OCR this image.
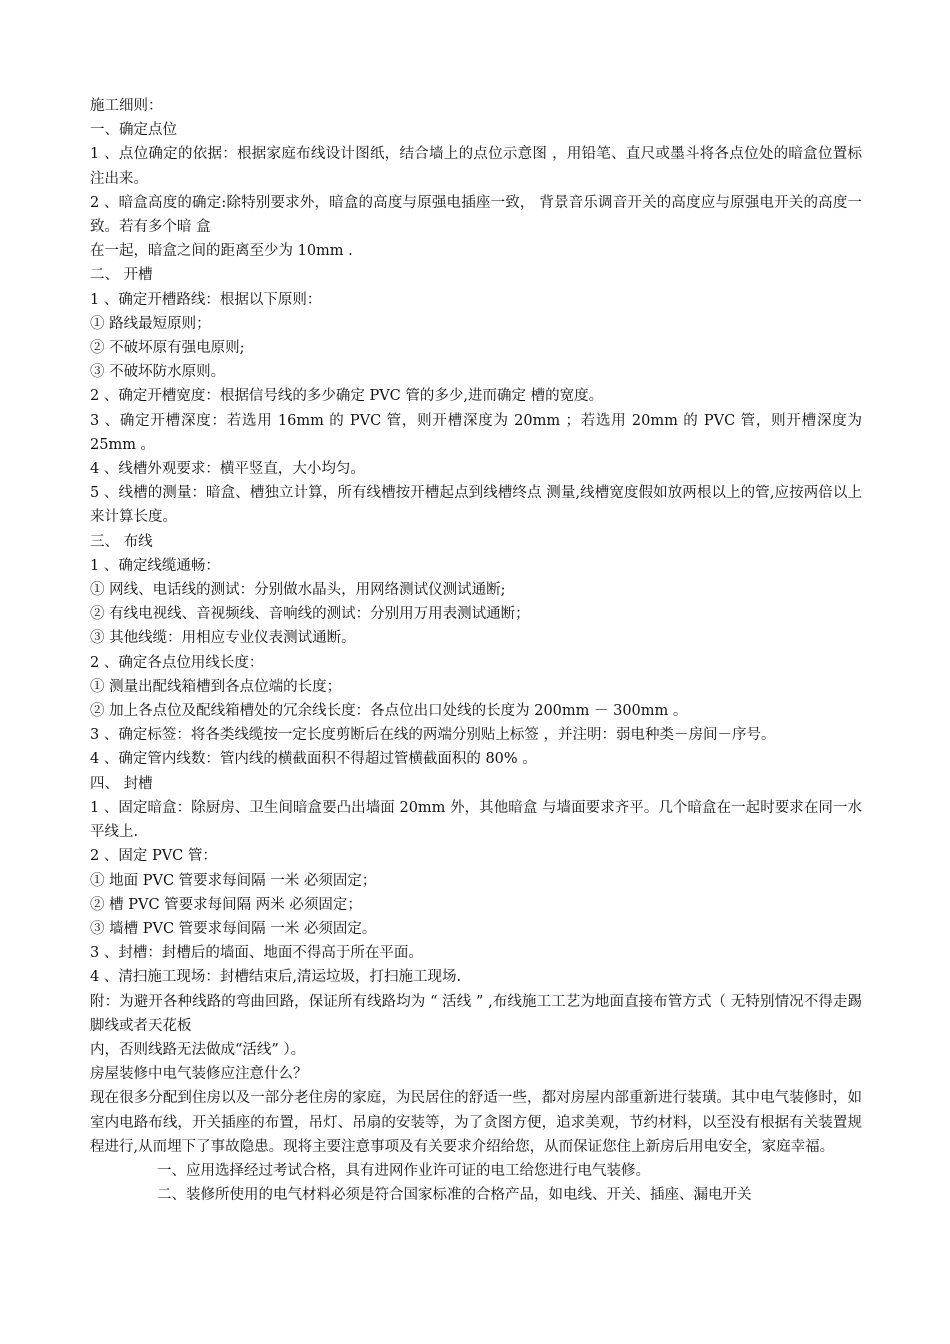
施工细则：

一、确定点位

1 、点位确定的依据：根据家庭布线设计图纸，结合墙上的点位示意图 ，用铅笔、直尺或墨斗将各点位处的暗盒位置标注出来。

2 、暗盒高度的确定:除特别要求外，暗盒的高度与原强电插座一致， 背景音乐调音开关的高度应与原强电开关的高度一致。若有多个暗 盒

在一起，暗盒之间的距离至少为 10mm .

二、 开槽

1 、确定开槽路线：根据以下原则：

① 路线最短原则；

② 不破坏原有强电原则;

③ 不破坏防水原则。

2 、确定开槽宽度：根据信号线的多少确定 PVC 管的多少,进而确定 槽的宽度。

3 、确定开槽深度：若选用 16mm 的 PVC 管，则开槽深度为 20mm ；若选用 20mm 的 PVC 管，则开槽深度为 25mm 。

4 、线槽外观要求：横平竖直，大小均匀。

5 、线槽的测量：暗盒、槽独立计算，所有线槽按开槽起点到线槽终点 测量,线槽宽度假如放两根以上的管,应按两倍以上来计算长度。

三、 布线

1 、确定线缆通畅：

① 网线、电话线的测试：分别做水晶头，用网络测试仪测试通断;

② 有线电视线、音视频线、音响线的测试：分别用万用表测试通断；

③ 其他线缆：用相应专业仪表测试通断。

2 、确定各点位用线长度：

① 测量出配线箱槽到各点位端的长度；

② 加上各点位及配线箱槽处的冗余线长度：各点位出口处线的长度为 200mm － 300mm 。

3 、确定标签：将各类线缆按一定长度剪断后在线的两端分别贴上标签 ，并注明：弱电种类－房间－序号。

4 、确定管内线数：管内线的横截面积不得超过管横截面积的 80% 。

四、 封槽

1 、固定暗盒：除厨房、卫生间暗盒要凸出墙面 20mm 外，其他暗盒 与墙面要求齐平。几个暗盒在一起时要求在同一水平线上.

2 、固定 PVC 管：

① 地面 PVC 管要求每间隔 一米 必须固定；

② 槽 PVC 管要求每间隔 两米 必须固定；

③ 墙槽 PVC 管要求每间隔 一米 必须固定。

3 、封槽：封槽后的墙面、地面不得高于所在平面。

4 、清扫施工现场：封槽结束后,清运垃圾，打扫施工现场.

附：为避开各种线路的弯曲回路，保证所有线路均为 “ 活线 ” ,布线施工工艺为地面直接布管方式（ 无特别情况不得走踢脚线或者天花板

内，否则线路无法做成“活线” ）。

房屋装修中电气装修应注意什么？

现在很多分配到住房以及一部分老住房的家庭，为民居住的舒适一些，都对房屋内部重新进行装璜。其中电气装修时，如室内电路布线，开关插座的布置，吊灯、吊扇的安装等，为了贪图方便，追求美观，节约材料，以至没有根据有关装置规程进行,从而埋下了事故隐患。现将主要注意事项及有关要求介绍给您，从而保证您住上新房后用电安全，家庭幸福。

一、应用选择经过考试合格，具有进网作业许可证的电工给您进行电气装修。

二、装修所使用的电气材料必须是符合国家标准的合格产品，如电线、开关、插座、漏电开关
